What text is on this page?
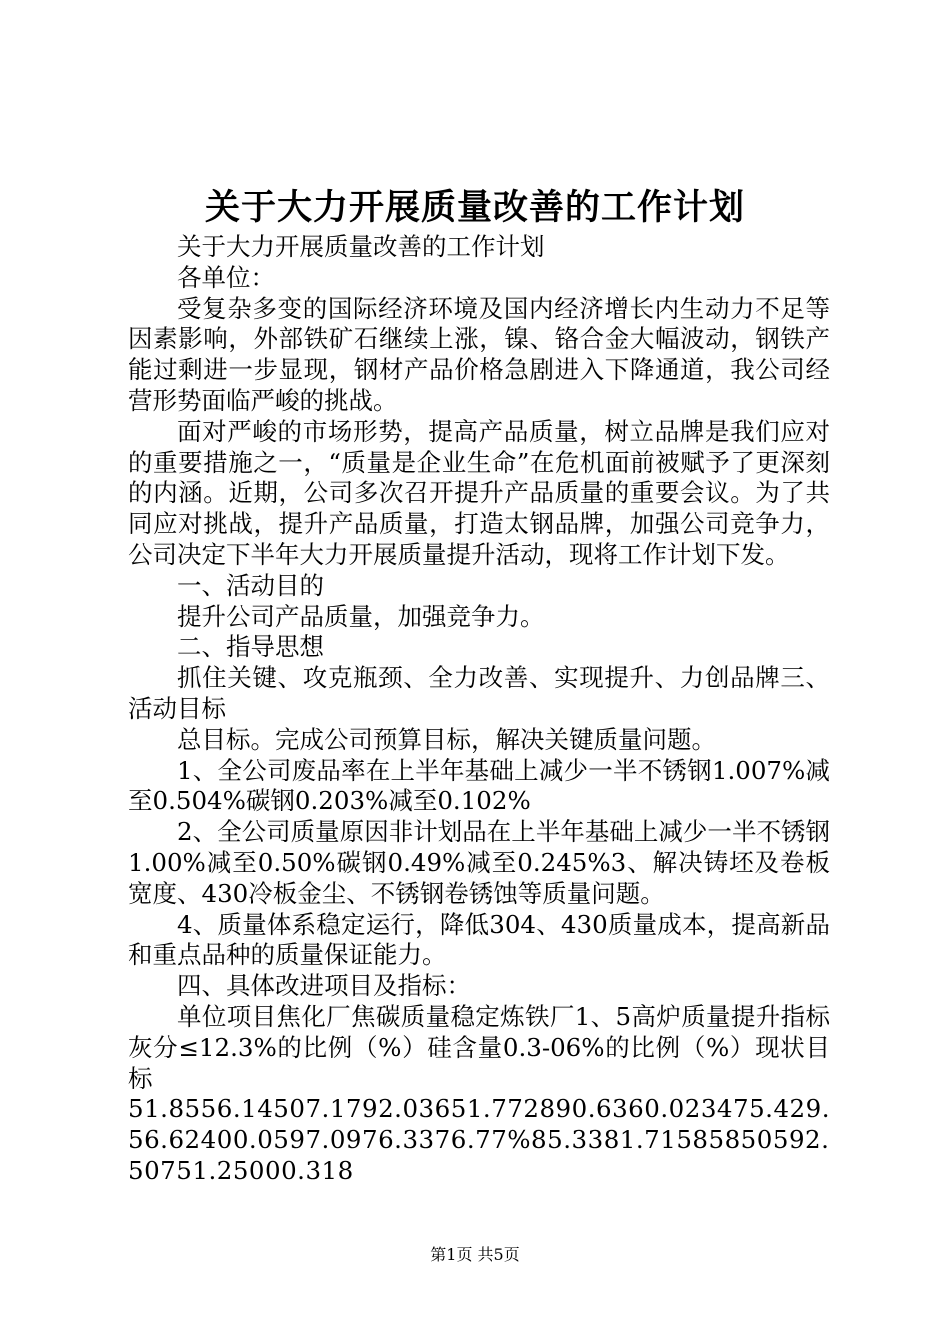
关于大力开展质量改善的工作计划

关于大力开展质量改善的工作计划

各单位：

受复杂多变的国际经济环境及国内经济增长内生动力不足等因素影响，外部铁矿石继续上涨，镍、铬合金大幅波动，钢铁产能过剩进一步显现，钢材产品价格急剧进入下降通道，我公司经营形势面临严峻的挑战。

面对严峻的市场形势，提高产品质量，树立品牌是我们应对的重要措施之一，“质量是企业生命”在危机面前被赋予了更深刻的内涵。近期，公司多次召开提升产品质量的重要会议。为了共同应对挑战，提升产品质量，打造太钢品牌，加强公司竞争力，公司决定下半年大力开展质量提升活动，现将工作计划下发。

一、活动目的

提升公司产品质量，加强竞争力。

二、指导思想

抓住关键、攻克瓶颈、全力改善、实现提升、力创品牌三、活动目标

总目标。完成公司预算目标，解决关键质量问题。

1、全公司废品率在上半年基础上减少一半不锈钢1.007%减至0.504%碳钢0.203%减至0.102%

2、全公司质量原因非计划品在上半年基础上减少一半不锈钢1.00%减至0.50%碳钢0.49%减至0.245%3、解决铸坯及卷板宽度、430冷板金尘、不锈钢卷锈蚀等质量问题。

4、质量体系稳定运行，降低304、430质量成本，提高新品和重点品种的质量保证能力。

四、具体改进项目及指标：

单位项目焦化厂焦碳质量稳定炼铁厂1、5高炉质量提升指标灰分≤12.3%的比例（%）硅含量0.3-06%的比例（%）现状目标

51.8556.14507.1792.03651.772890.6360.023475.429.56.62400.0597.0976.3376.77%85.3381.71585850592.50751.25000.318

第1页 共5页
